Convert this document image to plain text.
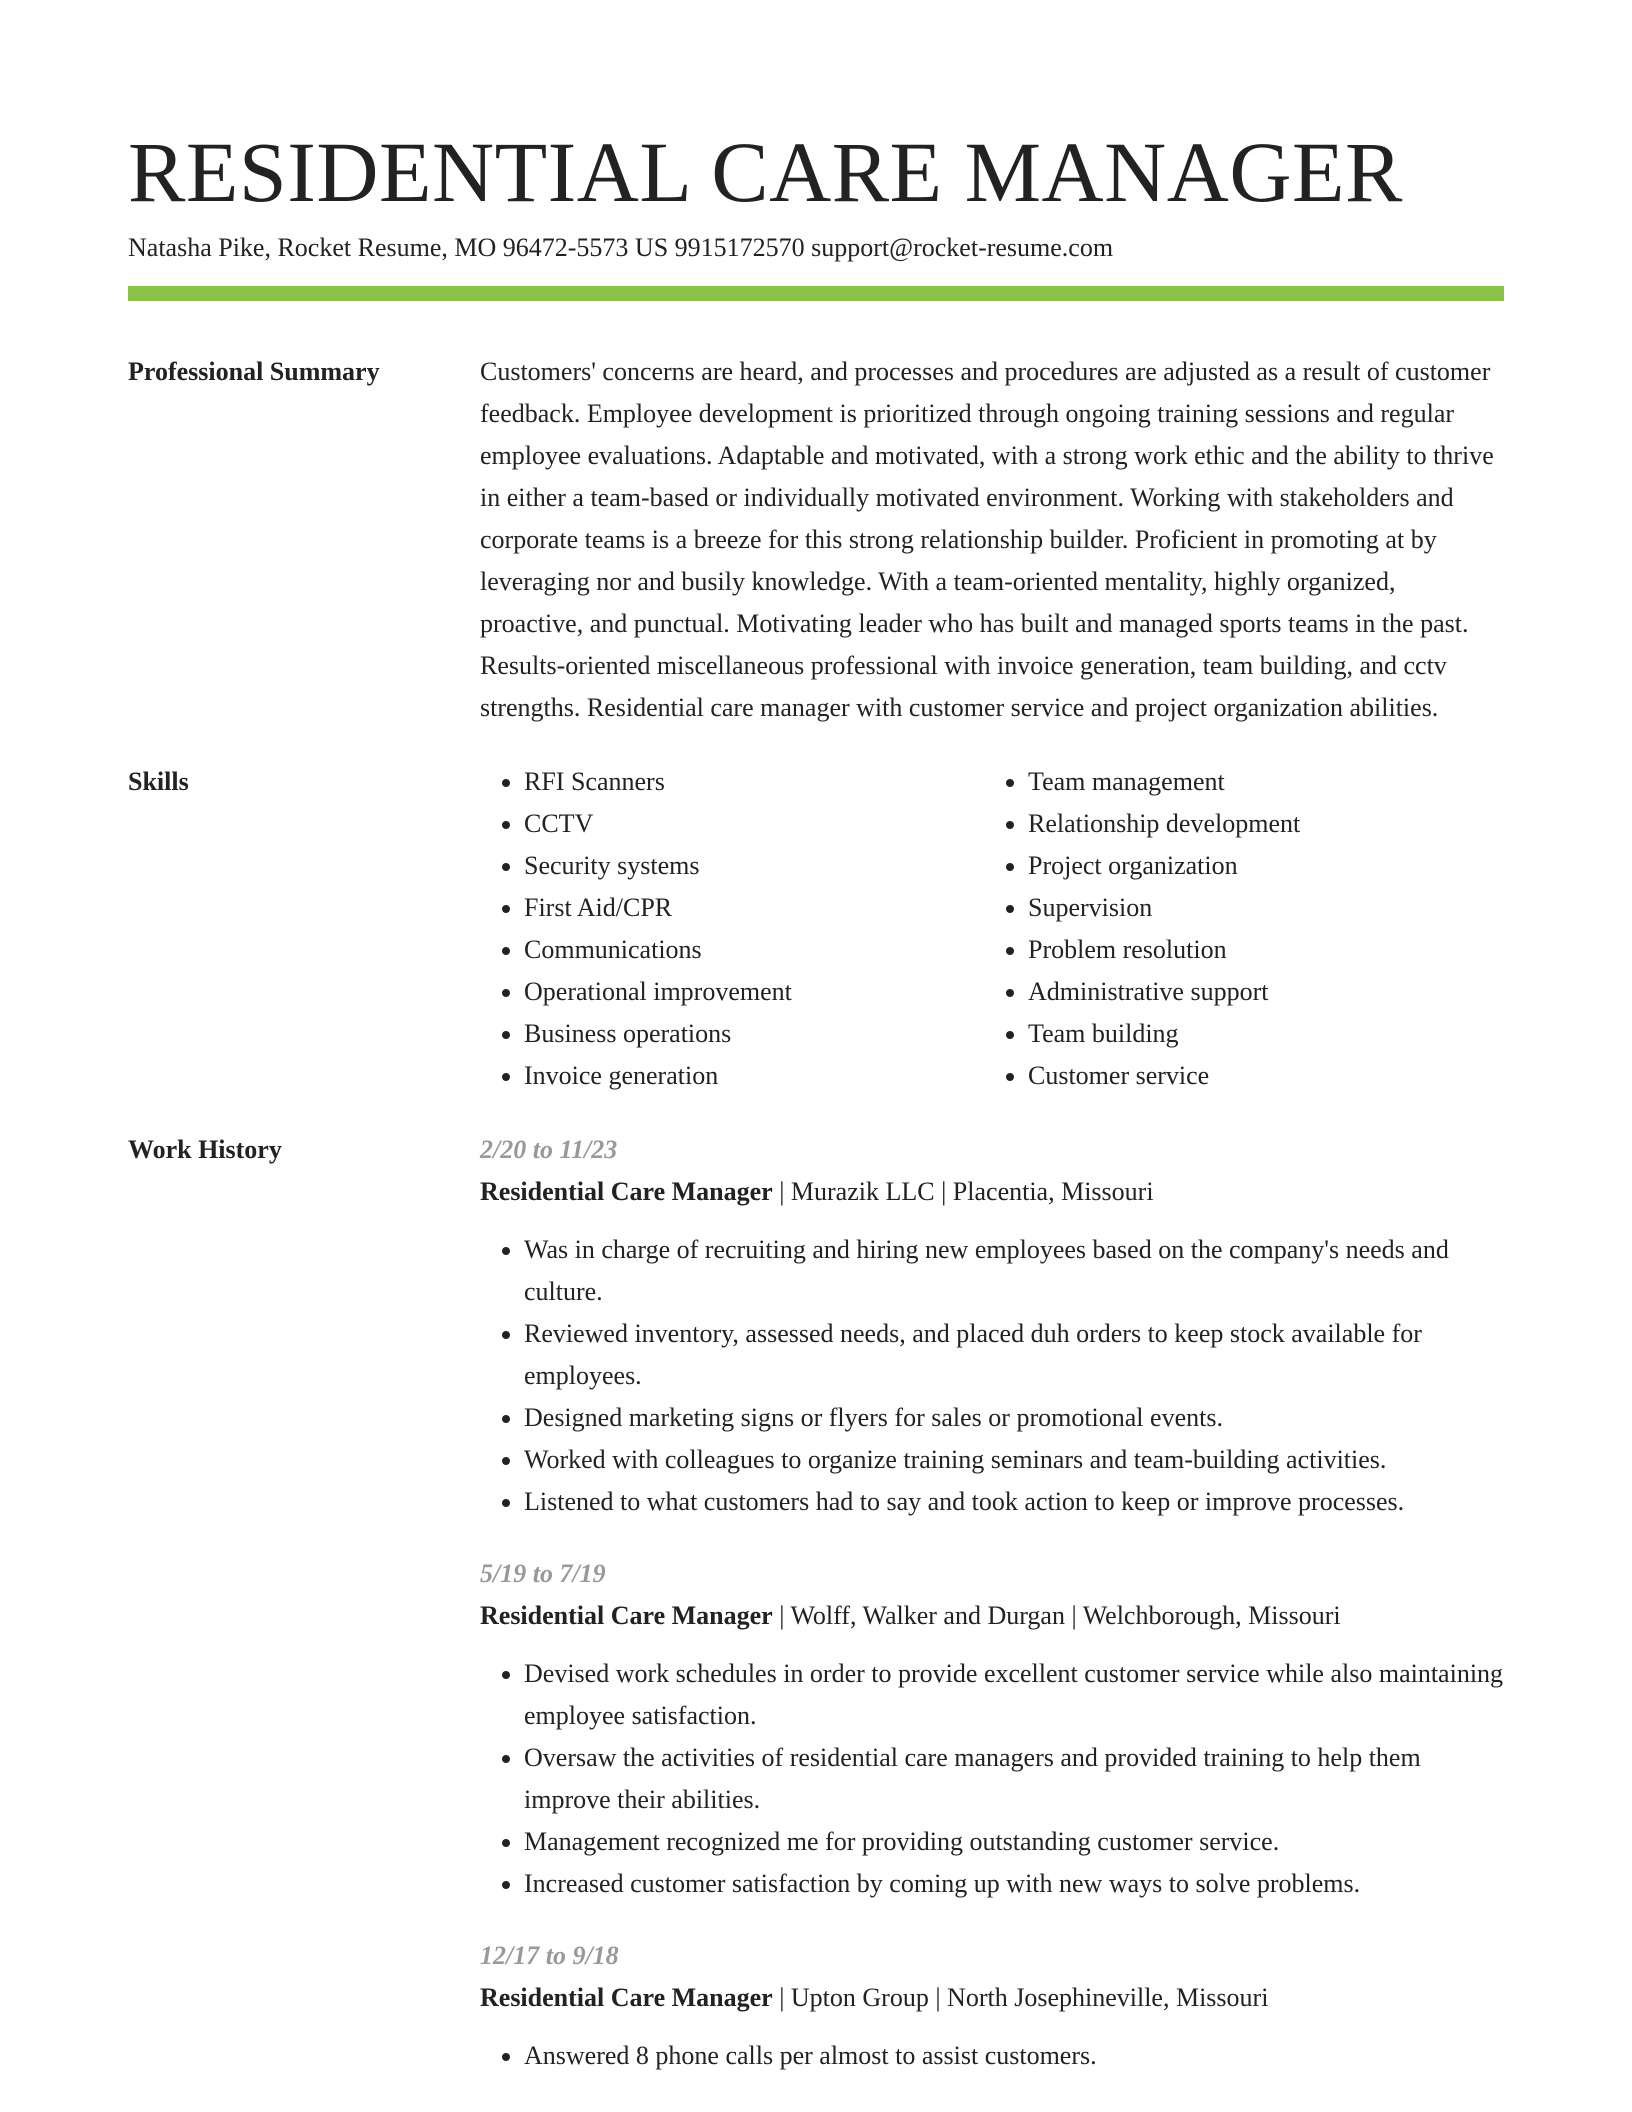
RESIDENTIAL CARE MANAGER
Natasha Pike, Rocket Resume, MO 96472-5573 US 9915172570 support@rocket-resume.com
Professional Summary	Customers' concerns are heard, and processes and procedures are adjusted as a result of customer feedback. Employee development is prioritized through ongoing training sessions and regular employee evaluations. Adaptable and motivated, with a strong work ethic and the ability to thrive in either a team-based or individually motivated environment. Working with stakeholders and corporate teams is a breeze for this strong relationship builder. Proficient in promoting at by leveraging nor and busily knowledge. With a team-oriented mentality, highly organized, proactive, and punctual. Motivating leader who has built and managed sports teams in the past. Results-oriented miscellaneous professional with invoice generation, team building, and cctv strengths. Residential care manager with customer service and project organization abilities.
Skills
•	RFI Scanners
• CCTV
• Security systems
• First Aid/CPR
• Communications
• Operational improvement
• Business operations
• Invoice generation
• Team management
• Relationship development
• Project organization
• Supervision
• Problem resolution
• Administrative support
• Team building
• Customer service
Work History	2/20 to 11/23
Residential Care Manager | Murazik LLC | Placentia, Missouri
• Was in charge of recruiting and hiring new employees based on the company's needs and culture.
• Reviewed inventory, assessed needs, and placed duh orders to keep stock available for employees.
• Designed marketing signs or flyers for sales or promotional events.
• Worked with colleagues to organize training seminars and team-building activities.
• Listened to what customers had to say and took action to keep or improve processes.
5/19 to 7/19
Residential Care Manager | Wolff, Walker and Durgan | Welchborough, Missouri
• Devised work schedules in order to provide excellent customer service while also maintaining employee satisfaction.
• Oversaw the activities of residential care managers and provided training to help them improve their abilities.
• Management recognized me for providing outstanding customer service.
• Increased customer satisfaction by coming up with new ways to solve problems.
12/17 to 9/18
Residential Care Manager | Upton Group | North Josephineville, Missouri
• Answered 8 phone calls per almost to assist customers.
